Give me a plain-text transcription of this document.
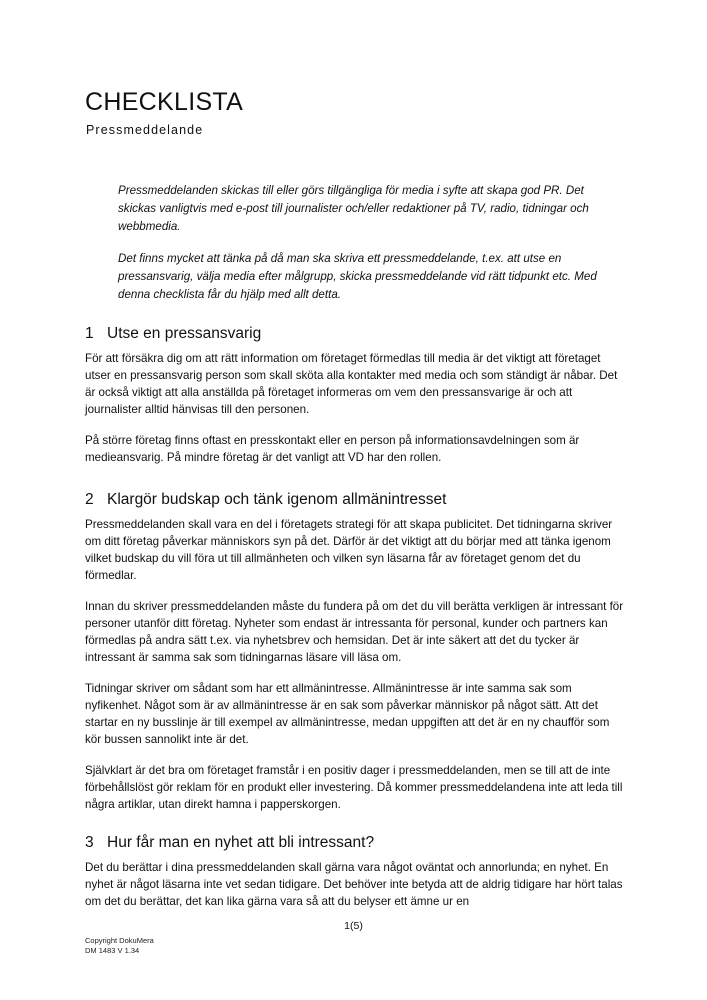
CHECKLISTA
Pressmeddelande

Pressmeddelanden skickas till eller görs tillgängliga för media i syfte att skapa god PR. Det skickas vanligtvis med e-post till journalister och/eller redaktioner på TV, radio, tidningar och webbmedia.

Det finns mycket att tänka på då man ska skriva ett pressmeddelande, t.ex. att utse en pressansvarig, välja media efter målgrupp, skicka pressmeddelande vid rätt tidpunkt etc. Med denna checklista får du hjälp med allt detta.

1 Utse en pressansvarig

För att försäkra dig om att rätt information om företaget förmedlas till media är det viktigt att företaget utser en pressansvarig person som skall sköta alla kontakter med media och som ständigt är nåbar. Det är också viktigt att alla anställda på företaget informeras om vem den pressansvarige är och att journalister alltid hänvisas till den personen.

På större företag finns oftast en presskontakt eller en person på informationsavdelningen som är medieansvarig. På mindre företag är det vanligt att VD har den rollen.

2 Klargör budskap och tänk igenom allmänintresset

Pressmeddelanden skall vara en del i företagets strategi för att skapa publicitet. Det tidningarna skriver om ditt företag påverkar människors syn på det. Därför är det viktigt att du börjar med att tänka igenom vilket budskap du vill föra ut till allmänheten och vilken syn läsarna får av företaget genom det du förmedlar.

Innan du skriver pressmeddelanden måste du fundera på om det du vill berätta verkligen är intressant för personer utanför ditt företag. Nyheter som endast är intressanta för personal, kunder och partners kan förmedlas på andra sätt t.ex. via nyhetsbrev och hemsidan. Det är inte säkert att det du tycker är intressant är samma sak som tidningarnas läsare vill läsa om.

Tidningar skriver om sådant som har ett allmänintresse. Allmänintresse är inte samma sak som nyfikenhet. Något som är av allmänintresse är en sak som påverkar människor på något sätt. Att det startar en ny busslinje är till exempel av allmänintresse, medan uppgiften att det är en ny chaufför som kör bussen sannolikt inte är det.

Självklart är det bra om företaget framstår i en positiv dager i pressmeddelanden, men se till att de inte förbehållslöst gör reklam för en produkt eller investering. Då kommer pressmeddelandena inte att leda till några artiklar, utan direkt hamna i papperskorgen.

3 Hur får man en nyhet att bli intressant?

Det du berättar i dina pressmeddelanden skall gärna vara något oväntat och annorlunda; en nyhet. En nyhet är något läsarna inte vet sedan tidigare. Det behöver inte betyda att de aldrig tidigare har hört talas om det du berättar, det kan lika gärna vara så att du belyser ett ämne ur en

1(5)
Copyright DokuMera
DM 1483 V 1.34
